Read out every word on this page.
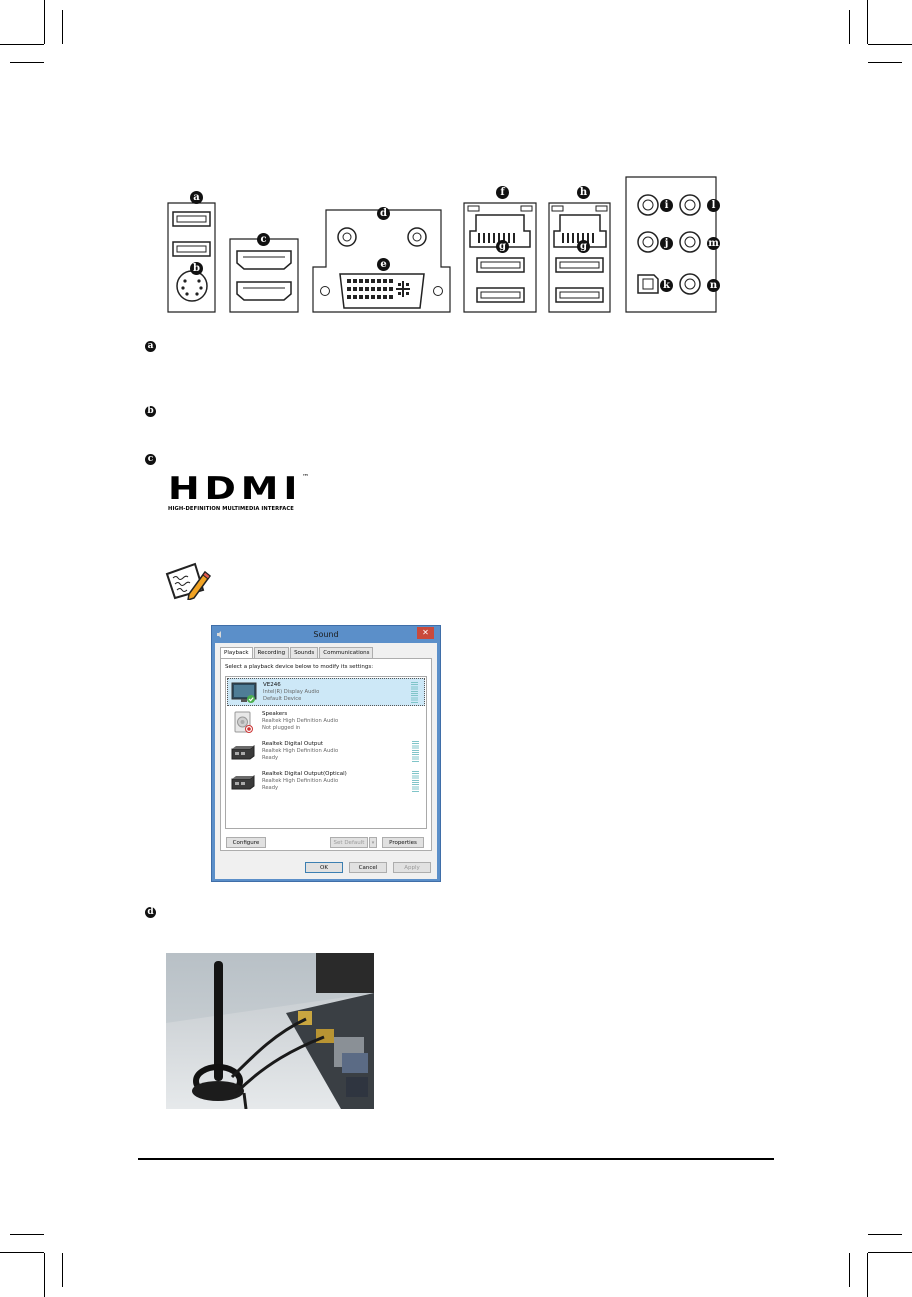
a
b
c
d
e
f
g
h
g
i
j
k
l
m
n
a
b
c
d
HDMI ™
HIGH-DEFINITION MULTIMEDIA INTERFACE
Sound	✕
Playback	Recording	Sounds	Communications
Select a playback device below to modify its settings:
VE246
Intel(R) Display Audio
Default Device
Speakers
Realtek High Definition Audio
Not plugged in
Realtek Digital Output
Realtek High Definition Audio
Ready
Realtek Digital Output(Optical)
Realtek High Definition Audio
Ready
Configure	Set Default	▾	Properties
OK	Cancel	Apply
